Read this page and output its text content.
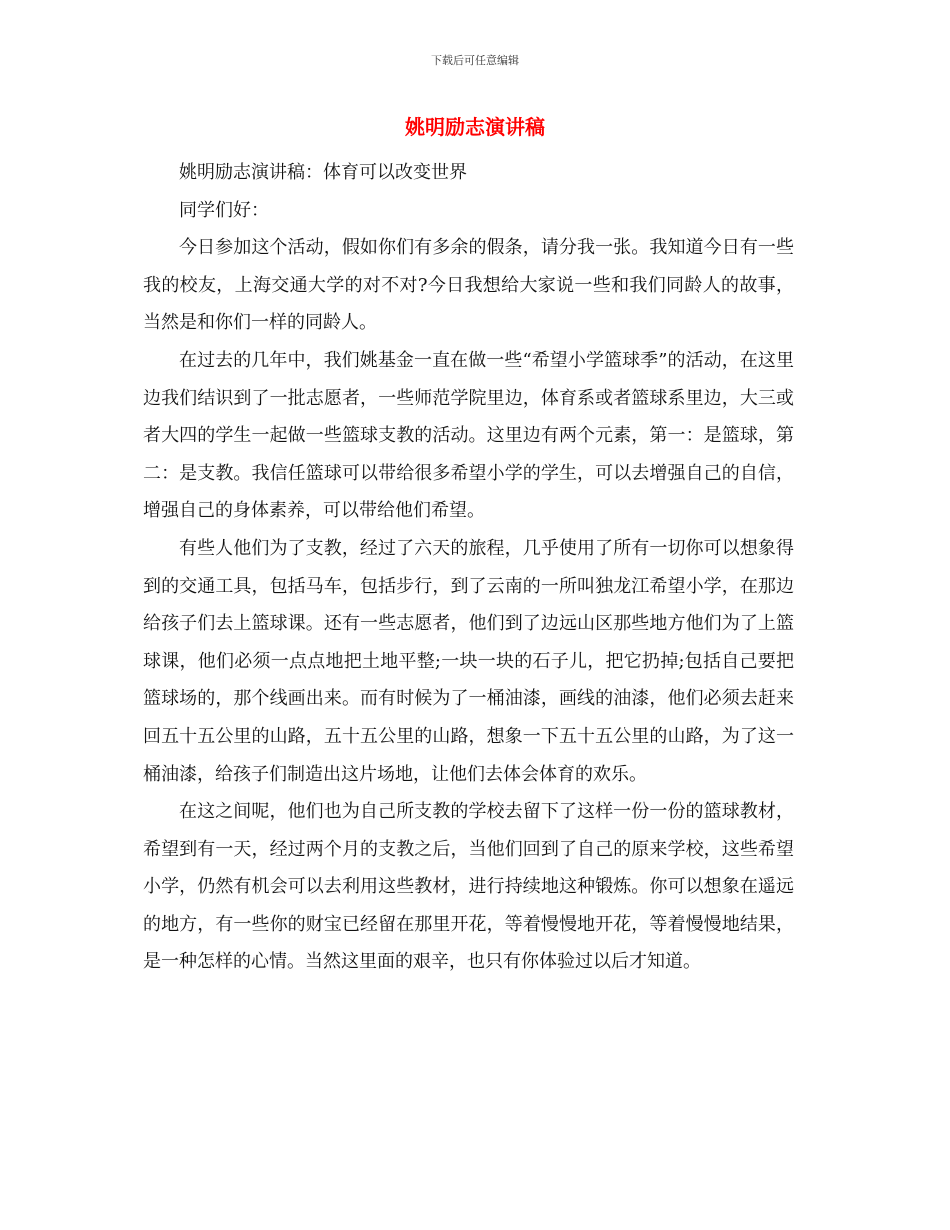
下载后可任意编辑
姚明励志演讲稿

姚明励志演讲稿：体育可以改变世界

同学们好：

今日参加这个活动，假如你们有多余的假条，请分我一张。我知道今日有一些我的校友，上海交通大学的对不对?今日我想给大家说一些和我们同龄人的故事，当然是和你们一样的同龄人。

在过去的几年中，我们姚基金一直在做一些“希望小学篮球季”的活动，在这里边我们结识到了一批志愿者，一些师范学院里边，体育系或者篮球系里边，大三或者大四的学生一起做一些篮球支教的活动。这里边有两个元素，第一：是篮球，第二：是支教。我信任篮球可以带给很多希望小学的学生，可以去增强自己的自信，增强自己的身体素养，可以带给他们希望。

有些人他们为了支教，经过了六天的旅程，几乎使用了所有一切你可以想象得到的交通工具，包括马车，包括步行，到了云南的一所叫独龙江希望小学，在那边给孩子们去上篮球课。还有一些志愿者，他们到了边远山区那些地方他们为了上篮球课，他们必须一点点地把土地平整;一块一块的石子儿，把它扔掉;包括自己要把篮球场的，那个线画出来。而有时候为了一桶油漆，画线的油漆，他们必须去赶来回五十五公里的山路，五十五公里的山路，想象一下五十五公里的山路，为了这一桶油漆，给孩子们制造出这片场地，让他们去体会体育的欢乐。

在这之间呢，他们也为自己所支教的学校去留下了这样一份一份的篮球教材，希望到有一天，经过两个月的支教之后，当他们回到了自己的原来学校，这些希望小学，仍然有机会可以去利用这些教材，进行持续地这种锻炼。你可以想象在遥远的地方，有一些你的财宝已经留在那里开花，等着慢慢地开花，等着慢慢地结果，是一种怎样的心情。当然这里面的艰辛，也只有你体验过以后才知道。
